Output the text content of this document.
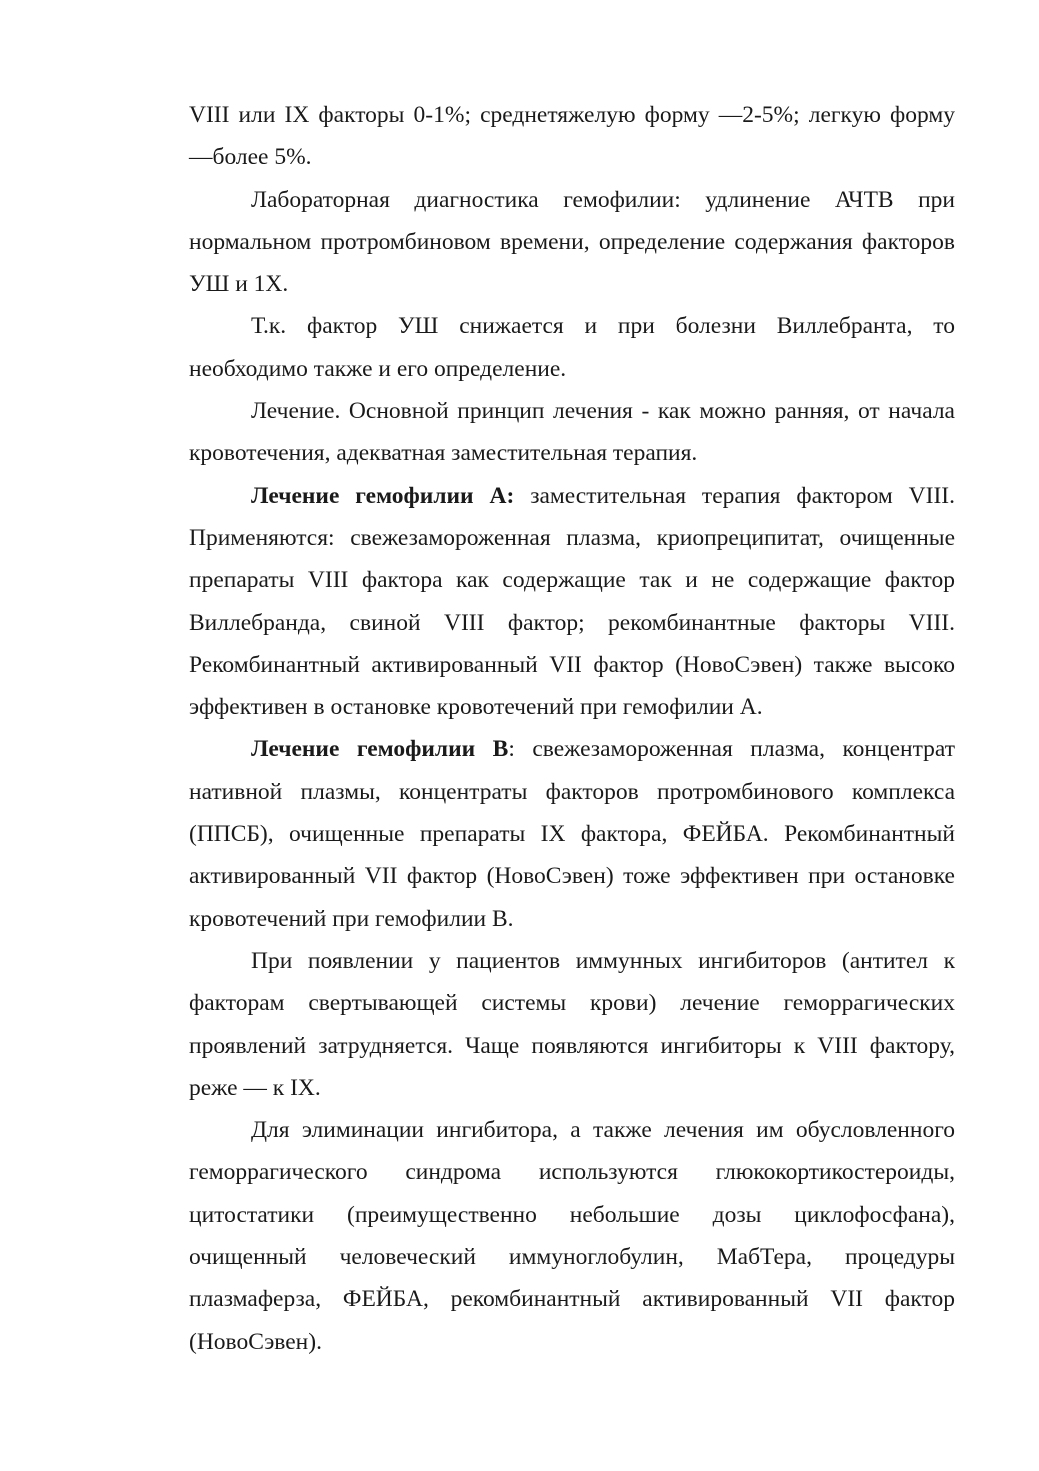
VIII или IX факторы 0-1%; среднетяжелую форму —2-5%; легкую форму —более 5%.

Лабораторная диагностика гемофилии: удлинение АЧТВ при нормальном протромбиновом времени, определение содержания факторов УШ и 1Х.

Т.к. фактор УШ снижается и при болезни Виллебранта, то необходимо также и его определение.

Лечение. Основной принцип лечения - как можно ранняя, от начала кровотечения, адекватная заместительная терапия.

Лечение гемофилии А: заместительная терапия фактором VIII. Применяются: свежезамороженная плазма, криопреципитат, очищенные препараты VIII фактора как содержащие так и не содержащие фактор Виллебранда, свиной VIII фактор; рекомбинантные факторы VIII. Рекомбинантный активированный VII фактор (НовоСэвен) также высоко эффективен в остановке кровотечений при гемофилии А.

Лечение гемофилии В: свежезамороженная плазма, концентрат нативной плазмы, концентраты факторов протромбинового комплекса (ППСБ), очищенные препараты IX фактора, ФЕЙБА. Рекомбинантный активированный VII фактор (НовоСэвен) тоже эффективен при остановке кровотечений при гемофилии В.

При появлении у пациентов иммунных ингибиторов (антител к факторам свертывающей системы крови) лечение геморрагических проявлений затрудняется. Чаще появляются ингибиторы к VIII фактору, реже — к IX.

Для элиминации ингибитора, а также лечения им обусловленного геморрагического синдрома используются глюкокортикостероиды, цитостатики (преимущественно небольшие дозы циклофосфана), очищенный человеческий иммуноглобулин, МабТера, процедуры плазмаферза, ФЕЙБА, рекомбинантный активированный VII фактор (НовоСэвен).
